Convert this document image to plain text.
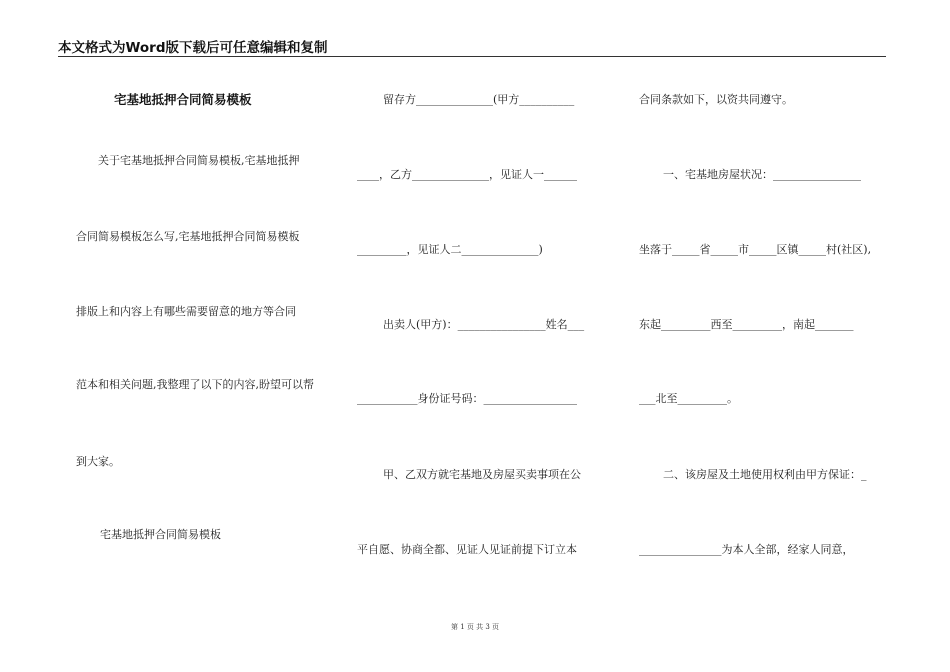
本文格式为Word版下载后可任意编辑和复制
宅基地抵押合同简易模板
关于宅基地抵押合同简易模板,宅基地抵押
合同简易模板怎么写,宅基地抵押合同简易模板
排版上和内容上有哪些需要留意的地方等合同
范本和相关问题,我整理了以下的内容,盼望可以帮
到大家。
宅基地抵押合同简易模板
留存方______________(甲方__________
____，乙方______________，见证人一______
_________，见证人二______________)
出卖人(甲方)：________________姓名___
___________身份证号码：_________________
甲、乙双方就宅基地及房屋买卖事项在公
平自愿、协商全都、见证人见证前提下订立本
合同条款如下，以资共同遵守。
一、宅基地房屋状况：________________
坐落于_____省_____市_____区镇_____村(社区),
东起_________西至_________，南起_______
___北至_________。
二、该房屋及土地使用权利由甲方保证：_
_______________为本人全部，经家人同意，
第 1 页 共 3 页
